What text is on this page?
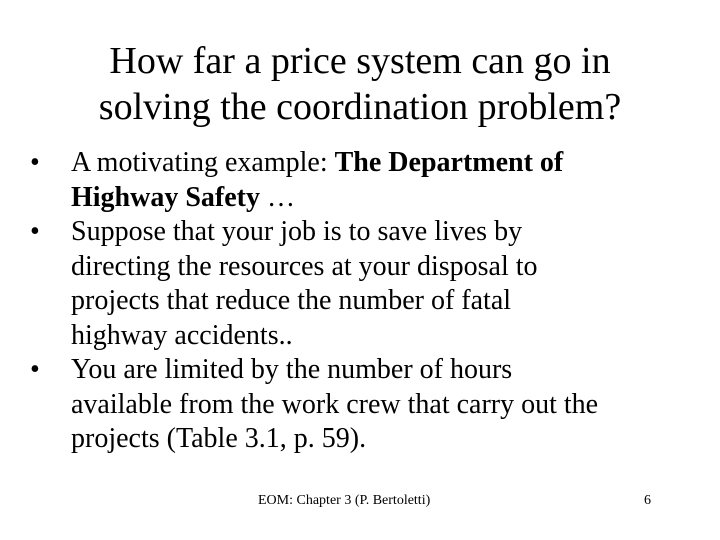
How far a price system can go in
solving the coordination problem?
•	A motivating example: The Department of
Highway Safety …
•	Suppose that your job is to save lives by
directing the resources at your disposal to
projects that reduce the number of fatal
highway accidents..
•	You are limited by the number of hours
available from the work crew that carry out the
projects (Table 3.1, p. 59).
EOM: Chapter 3 (P. Bertoletti)	6
